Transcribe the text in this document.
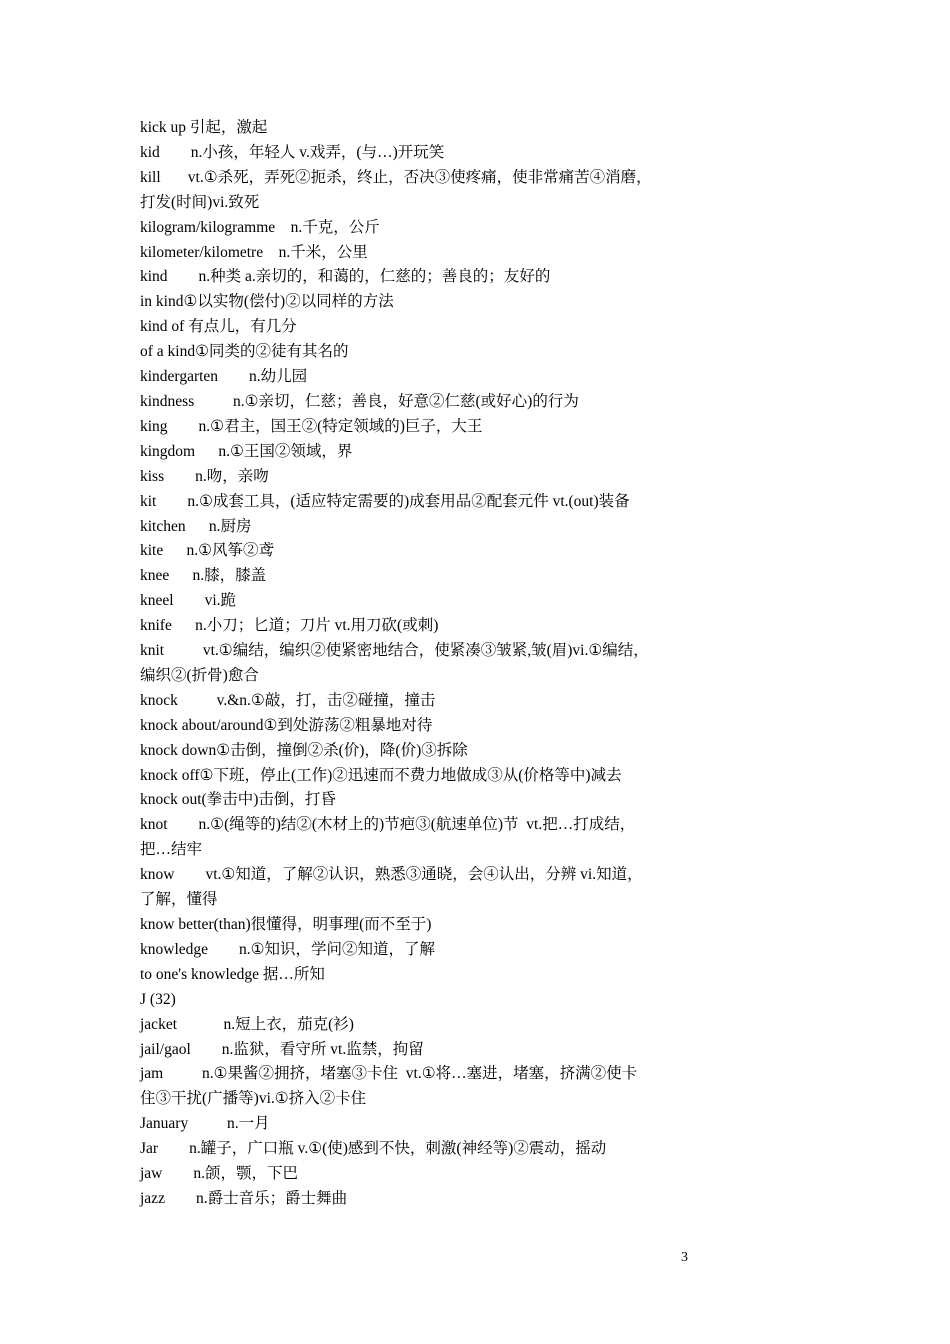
kick up 引起，激起

kid        n.小孩，年轻人 v.戏弄，(与…)开玩笑

kill       vt.①杀死，弄死②扼杀，终止，否决③使疼痛，使非常痛苦④消磨，

打发(时间)vi.致死

kilogram/kilogramme    n.千克，公斤

kilometer/kilometre    n.千米，公里

kind        n.种类 a.亲切的，和蔼的，仁慈的；善良的；友好的

in kind①以实物(偿付)②以同样的方法

kind of 有点儿，有几分

of a kind①同类的②徒有其名的

kindergarten        n.幼儿园

kindness          n.①亲切，仁慈；善良，好意②仁慈(或好心)的行为

king        n.①君主，国王②(特定领域的)巨子，大王

kingdom      n.①王国②领域，界

kiss        n.吻，亲吻

kit        n.①成套工具，(适应特定需要的)成套用品②配套元件 vt.(out)装备

kitchen      n.厨房

kite      n.①风筝②鸢

knee      n.膝，膝盖

kneel        vi.跪

knife      n.小刀；匕道；刀片 vt.用刀砍(或刺)

knit          vt.①编结，编织②使紧密地结合，使紧凑③皱紧,皱(眉)vi.①编结，

编织②(折骨)愈合

knock          v.&n.①敲，打，击②碰撞，撞击

knock about/around①到处游荡②粗暴地对待

knock down①击倒，撞倒②杀(价)，降(价)③拆除

knock off①下班，停止(工作)②迅速而不费力地做成③从(价格等中)减去

knock out(拳击中)击倒，打昏

knot        n.①(绳等的)结②(木材上的)节疤③(航速单位)节  vt.把…打成结，

把…结牢

know        vt.①知道，了解②认识，熟悉③通晓，会④认出，分辨 vi.知道，

了解，懂得

know better(than)很懂得，明事理(而不至于)

knowledge        n.①知识，学问②知道，了解

to one's knowledge 据…所知

J (32)

jacket            n.短上衣，茄克(衫)

jail/gaol        n.监狱，看守所 vt.监禁，拘留

jam          n.①果酱②拥挤，堵塞③卡住  vt.①将…塞进，堵塞，挤满②使卡

住③干扰(广播等)vi.①挤入②卡住

January          n.一月

Jar        n.罐子，广口瓶 v.①(使)感到不快，刺激(神经等)②震动，摇动

jaw        n.颌，颚，下巴

jazz        n.爵士音乐；爵士舞曲

3
